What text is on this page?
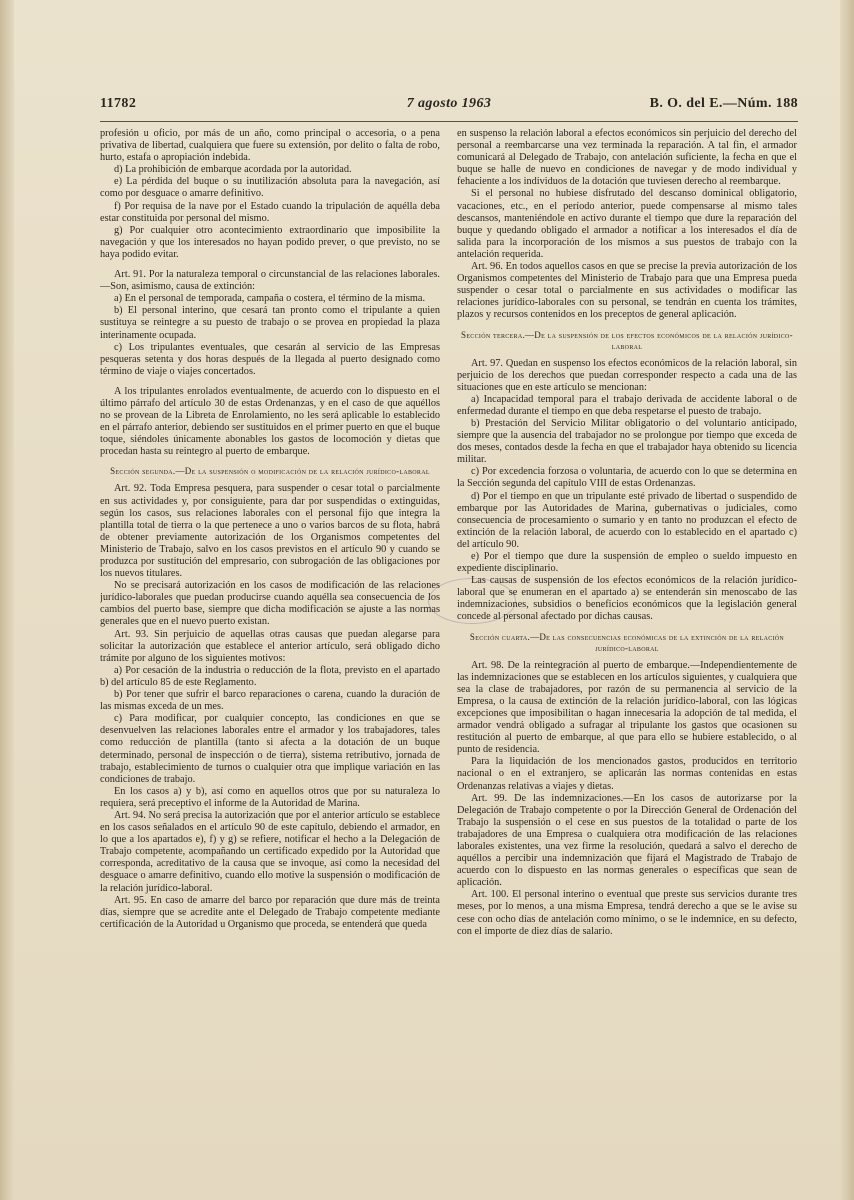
11782	7 agosto 1963	B. O. del E.—Núm. 188

profesión u oficio, por más de un año, como principal o accesoria, o a pena privativa de libertad, cualquiera que fuere su extensión, por delito o falta de robo, hurto, estafa o apropiación indebida.

d) La prohibición de embarque acordada por la autoridad.

e) La pérdida del buque o su inutilización absoluta para la navegación, así como por desguace o amarre definitivo.

f) Por requisa de la nave por el Estado cuando la tripulación de aquélla deba estar constituida por personal del mismo.

g) Por cualquier otro acontecimiento extraordinario que imposibilite la navegación y que los interesados no hayan podido prever, o que previsto, no se haya podido evitar.

Art. 91. Por la naturaleza temporal o circunstancial de las relaciones laborales.—Son, asimismo, causa de extinción:

a) En el personal de temporada, campaña o costera, el término de la misma.

b) El personal interino, que cesará tan pronto como el tripulante a quien sustituya se reintegre a su puesto de trabajo o se provea en propiedad la plaza interinamente ocupada.

c) Los tripulantes eventuales, que cesarán al servicio de las Empresas pesqueras setenta y dos horas después de la llegada al puerto designado como término de viaje o viajes concertados.

A los tripulantes enrolados eventualmente, de acuerdo con lo dispuesto en el último párrafo del artículo 30 de estas Ordenanzas, y en el caso de que aquéllos no se provean de la Libreta de Enrolamiento, no les será aplicable lo establecido en el párrafo anterior, debiendo ser sustituidos en el primer puerto en que el buque toque, siéndoles únicamente abonables los gastos de locomoción y dietas que procedan hasta su reintegro al puerto de embarque.

Sección segunda.—De la suspensión o modificación de la relación jurídico-laboral

Art. 92. Toda Empresa pesquera, para suspender o cesar total o parcialmente en sus actividades y, por consiguiente, para dar por suspendidas o extinguidas, según los casos, sus relaciones laborales con el personal fijo que integra la plantilla total de tierra o la que pertenece a uno o varios barcos de su flota, habrá de obtener previamente autorización de los Organismos competentes del Ministerio de Trabajo, salvo en los casos previstos en el artículo 90 y cuando se produzca por sustitución del empresario, con subrogación de las obligaciones por los nuevos titulares.

No se precisará autorización en los casos de modificación de las relaciones jurídico-laborales que puedan producirse cuando aquélla sea consecuencia de los cambios del puerto base, siempre que dicha modificación se ajuste a las normas generales que en el nuevo puerto existan.

Art. 93. Sin perjuicio de aquellas otras causas que puedan alegarse para solicitar la autorización que establece el anterior artículo, será obligado dicho trámite por alguno de los siguientes motivos:

a) Por cesación de la industria o reducción de la flota, previsto en el apartado b) del artículo 85 de este Reglamento.

b) Por tener que sufrir el barco reparaciones o carena, cuando la duración de las mismas exceda de un mes.

c) Para modificar, por cualquier concepto, las condiciones en que se desenvuelven las relaciones laborales entre el armador y los trabajadores, tales como reducción de plantilla (tanto si afecta a la dotación de un buque determinado, personal de inspección o de tierra), sistema retributivo, jornada de trabajo, establecimiento de turnos o cualquier otra que implique variación en las condiciones de trabajo.

En los casos a) y b), así como en aquellos otros que por su naturaleza lo requiera, será preceptivo el informe de la Autoridad de Marina.

Art. 94. No será precisa la autorización que por el anterior artículo se establece en los casos señalados en el artículo 90 de este capítulo, debiendo el armador, en lo que a los apartados e), f) y g) se refiere, notificar el hecho a la Delegación de Trabajo competente, acompañando un certificado expedido por la Autoridad que corresponda, acreditativo de la causa que se invoque, así como la necesidad del desguace o amarre definitivo, cuando ello motive la suspensión o modificación de la relación jurídico-laboral.

Art. 95. En caso de amarre del barco por reparación que dure más de treinta días, siempre que se acredite ante el Delegado de Trabajo competente mediante certificación de la Autoridad u Organismo que proceda, se entenderá que queda

en suspenso la relación laboral a efectos económicos sin perjuicio del derecho del personal a reembarcarse una vez terminada la reparación. A tal fin, el armador comunicará al Delegado de Trabajo, con antelación suficiente, la fecha en que el buque se halle de nuevo en condiciones de navegar y de modo individual y fehaciente a los individuos de la dotación que tuviesen derecho al reembarque.

Si el personal no hubiese disfrutado del descanso dominical obligatorio, vacaciones, etc., en el período anterior, puede compensarse al mismo tales descansos, manteniéndole en activo durante el tiempo que dure la reparación del buque y quedando obligado el armador a notificar a los interesados el día de salida para la incorporación de los mismos a sus puestos de trabajo con la antelación requerida.

Art. 96. En todos aquellos casos en que se precise la previa autorización de los Organismos competentes del Ministerio de Trabajo para que una Empresa pueda suspender o cesar total o parcialmente en sus actividades o modificar las relaciones jurídico-laborales con su personal, se tendrán en cuenta los trámites, plazos y recursos contenidos en los preceptos de general aplicación.

Sección tercera.—De la suspensión de los efectos económicos de la relación jurídico-laboral

Art. 97. Quedan en suspenso los efectos económicos de la relación laboral, sin perjuicio de los derechos que puedan corresponder respecto a cada una de las situaciones que en este artículo se mencionan:

a) Incapacidad temporal para el trabajo derivada de accidente laboral o de enfermedad durante el tiempo en que deba respetarse el puesto de trabajo.

b) Prestación del Servicio Militar obligatorio o del voluntario anticipado, siempre que la ausencia del trabajador no se prolongue por tiempo que exceda de dos meses, contados desde la fecha en que el trabajador haya obtenido su licencia militar.

c) Por excedencia forzosa o voluntaria, de acuerdo con lo que se determina en la Sección segunda del capítulo VIII de estas Ordenanzas.

d) Por el tiempo en que un tripulante esté privado de libertad o suspendido de embarque por las Autoridades de Marina, gubernativas o judiciales, como consecuencia de procesamiento o sumario y en tanto no produzcan el efecto de extinción de la relación laboral, de acuerdo con lo establecido en el apartado c) del artículo 90.

e) Por el tiempo que dure la suspensión de empleo o sueldo impuesto en expediente disciplinario.

Las causas de suspensión de los efectos económicos de la relación jurídico-laboral que se enumeran en el apartado a) se entenderán sin menoscabo de las indemnizaciones, subsidios o beneficios económicos que la legislación general concede al personal afectado por dichas causas.

Sección cuarta.—De las consecuencias económicas de la extinción de la relación jurídico-laboral

Art. 98. De la reintegración al puerto de embarque.—Independientemente de las indemnizaciones que se establecen en los artículos siguientes, y cualquiera que sea la clase de trabajadores, por razón de su permanencia al servicio de la Empresa, o la causa de extinción de la relación jurídico-laboral, con las lógicas excepciones que imposibilitan o hagan innecesaria la adopción de tal medida, el armador vendrá obligado a sufragar al tripulante los gastos que ocasionen su restitución al puerto de embarque, al que para ello se hubiere establecido, o al punto de residencia.

Para la liquidación de los mencionados gastos, producidos en territorio nacional o en el extranjero, se aplicarán las normas contenidas en estas Ordenanzas relativas a viajes y dietas.

Art. 99. De las indemnizaciones.—En los casos de autorizarse por la Delegación de Trabajo competente o por la Dirección General de Ordenación del Trabajo la suspensión o el cese en sus puestos de la totalidad o parte de los trabajadores de una Empresa o cualquiera otra modificación de las relaciones laborales existentes, una vez firme la resolución, quedará a salvo el derecho de aquéllos a percibir una indemnización que fijará el Magistrado de Trabajo de acuerdo con lo dispuesto en las normas generales o específicas que sean de aplicación.

Art. 100. El personal interino o eventual que preste sus servicios durante tres meses, por lo menos, a una misma Empresa, tendrá derecho a que se le avise su cese con ocho días de antelación como mínimo, o se le indemnice, en su defecto, con el importe de diez días de salario.
